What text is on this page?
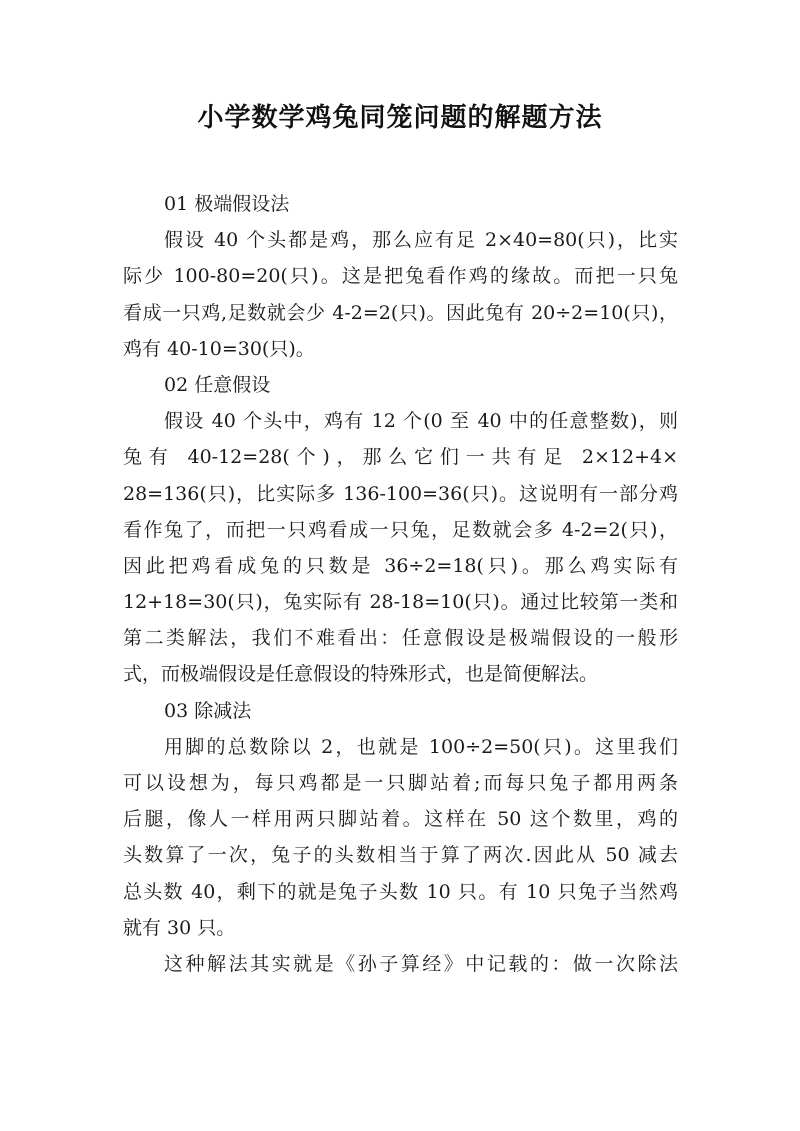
小学数学鸡兔同笼问题的解题方法
01 极端假设法
假设 40 个头都是鸡，那么应有足 2×40=80(只)，比实
际少 100-80=20(只)。这是把兔看作鸡的缘故。而把一只兔
看成一只鸡,足数就会少 4-2=2(只)。因此兔有 20÷2=10(只)，
鸡有 40-10=30(只)。
02 任意假设
假设 40 个头中，鸡有 12 个(0 至 40 中的任意整数)，则
兔有 40-12=28(个)，那么它们一共有足 2×12+4×
28=136(只)，比实际多 136-100=36(只)。这说明有一部分鸡
看作兔了，而把一只鸡看成一只兔，足数就会多 4-2=2(只)，
因此把鸡看成兔的只数是 36÷2=18(只)。那么鸡实际有
12+18=30(只)，兔实际有 28-18=10(只)。通过比较第一类和
第二类解法，我们不难看出：任意假设是极端假设的一般形
式，而极端假设是任意假设的特殊形式，也是简便解法。
03 除减法
用脚的总数除以 2，也就是 100÷2=50(只)。这里我们
可以设想为，每只鸡都是一只脚站着;而每只兔子都用两条
后腿，像人一样用两只脚站着。这样在 50 这个数里，鸡的
头数算了一次，兔子的头数相当于算了两次.因此从 50 减去
总头数 40，剩下的就是兔子头数 10 只。有 10 只兔子当然鸡
就有 30 只。
这种解法其实就是《孙子算经》中记载的：做一次除法
